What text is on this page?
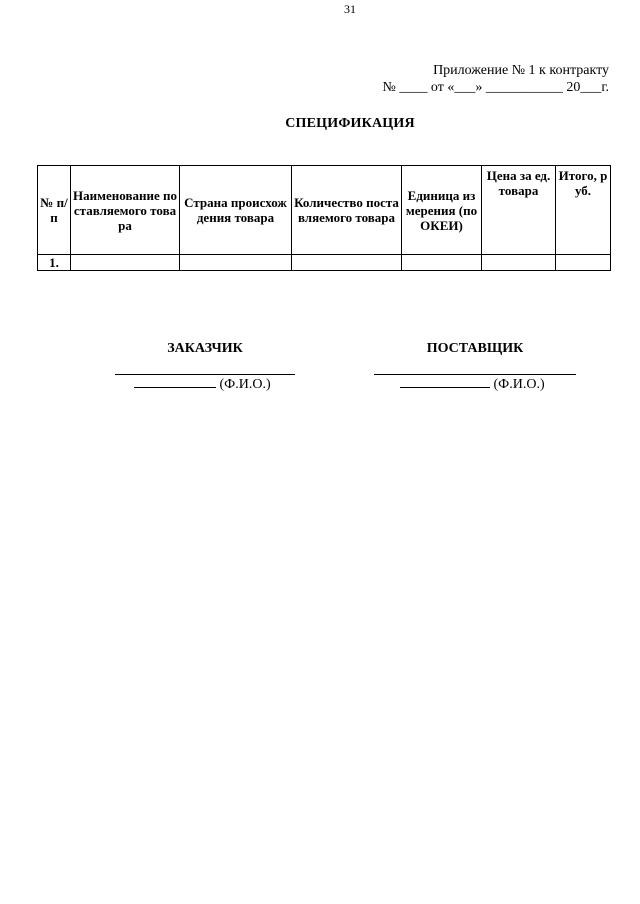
31
Приложение № 1 к контракту
№ ____ от «___» ___________ 20___г.
СПЕЦИФИКАЦИЯ
№ п/п	Наименование поставляемого товара	Страна происхождения товара	Количество поставляемого товара	Единица измерения (по ОКЕИ)	Цена за ед.товара	Итого, руб.
1.						
ЗАКАЗЧИК	ПОСТАВЩИК
(Ф.И.О.)	(Ф.И.О.)
